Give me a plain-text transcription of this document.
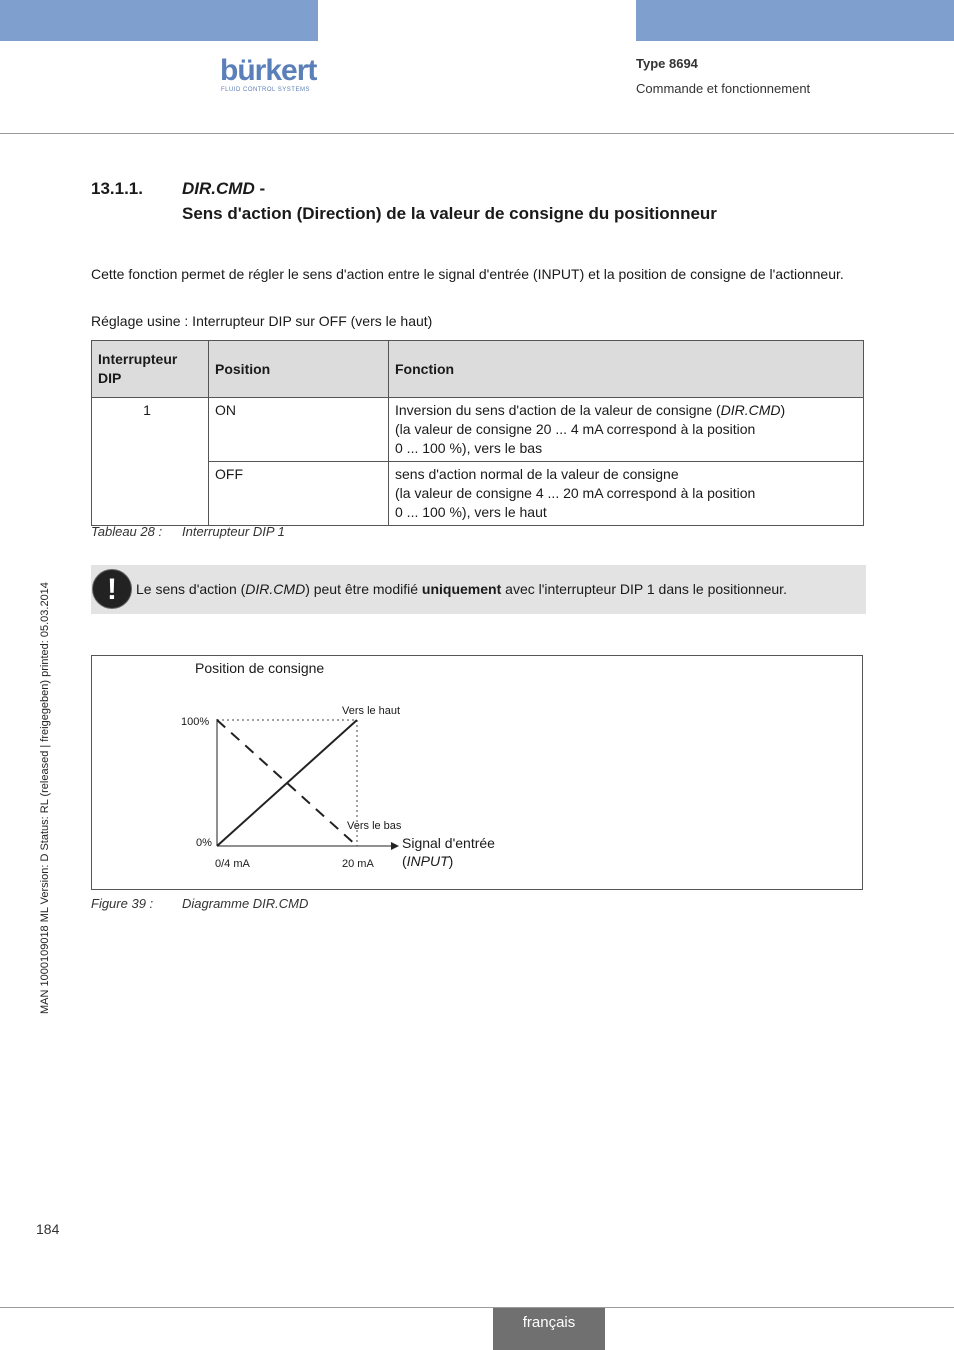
bürkert
FLUID CONTROL SYSTEMS
Type 8694
Commande et fonctionnement
13.1.1. DIR.CMD -
Sens d'action (Direction) de la valeur de consigne du positionneur
Cette fonction permet de régler le sens d'action entre le signal d'entrée (INPUT) et la position de consigne de l'actionneur.
Réglage usine : Interrupteur DIP sur OFF (vers le haut)
Interrupteur DIP	Position	Fonction
1	ON	Inversion du sens d'action de la valeur de consigne (DIR.CMD)
(la valeur de consigne 20 ... 4 mA correspond à la position
0 ... 100 %), vers le bas
	OFF	sens d'action normal de la valeur de consigne
(la valeur de consigne 4 ... 20 mA correspond à la position
0 ... 100 %), vers le haut
Tableau 28 : Interrupteur DIP 1
!	Le sens d'action (DIR.CMD) peut être modifié uniquement avec l'interrupteur DIP 1 dans le positionneur.
Position de consigne
100%
0%
0/4 mA	20 mA
Vers le haut
Vers le bas
Signal d'entrée
(INPUT)
Figure 39 : Diagramme DIR.CMD
MAN 1000109018 ML Version: D Status: RL (released | freigegeben) printed: 05.03.2014
184
français
